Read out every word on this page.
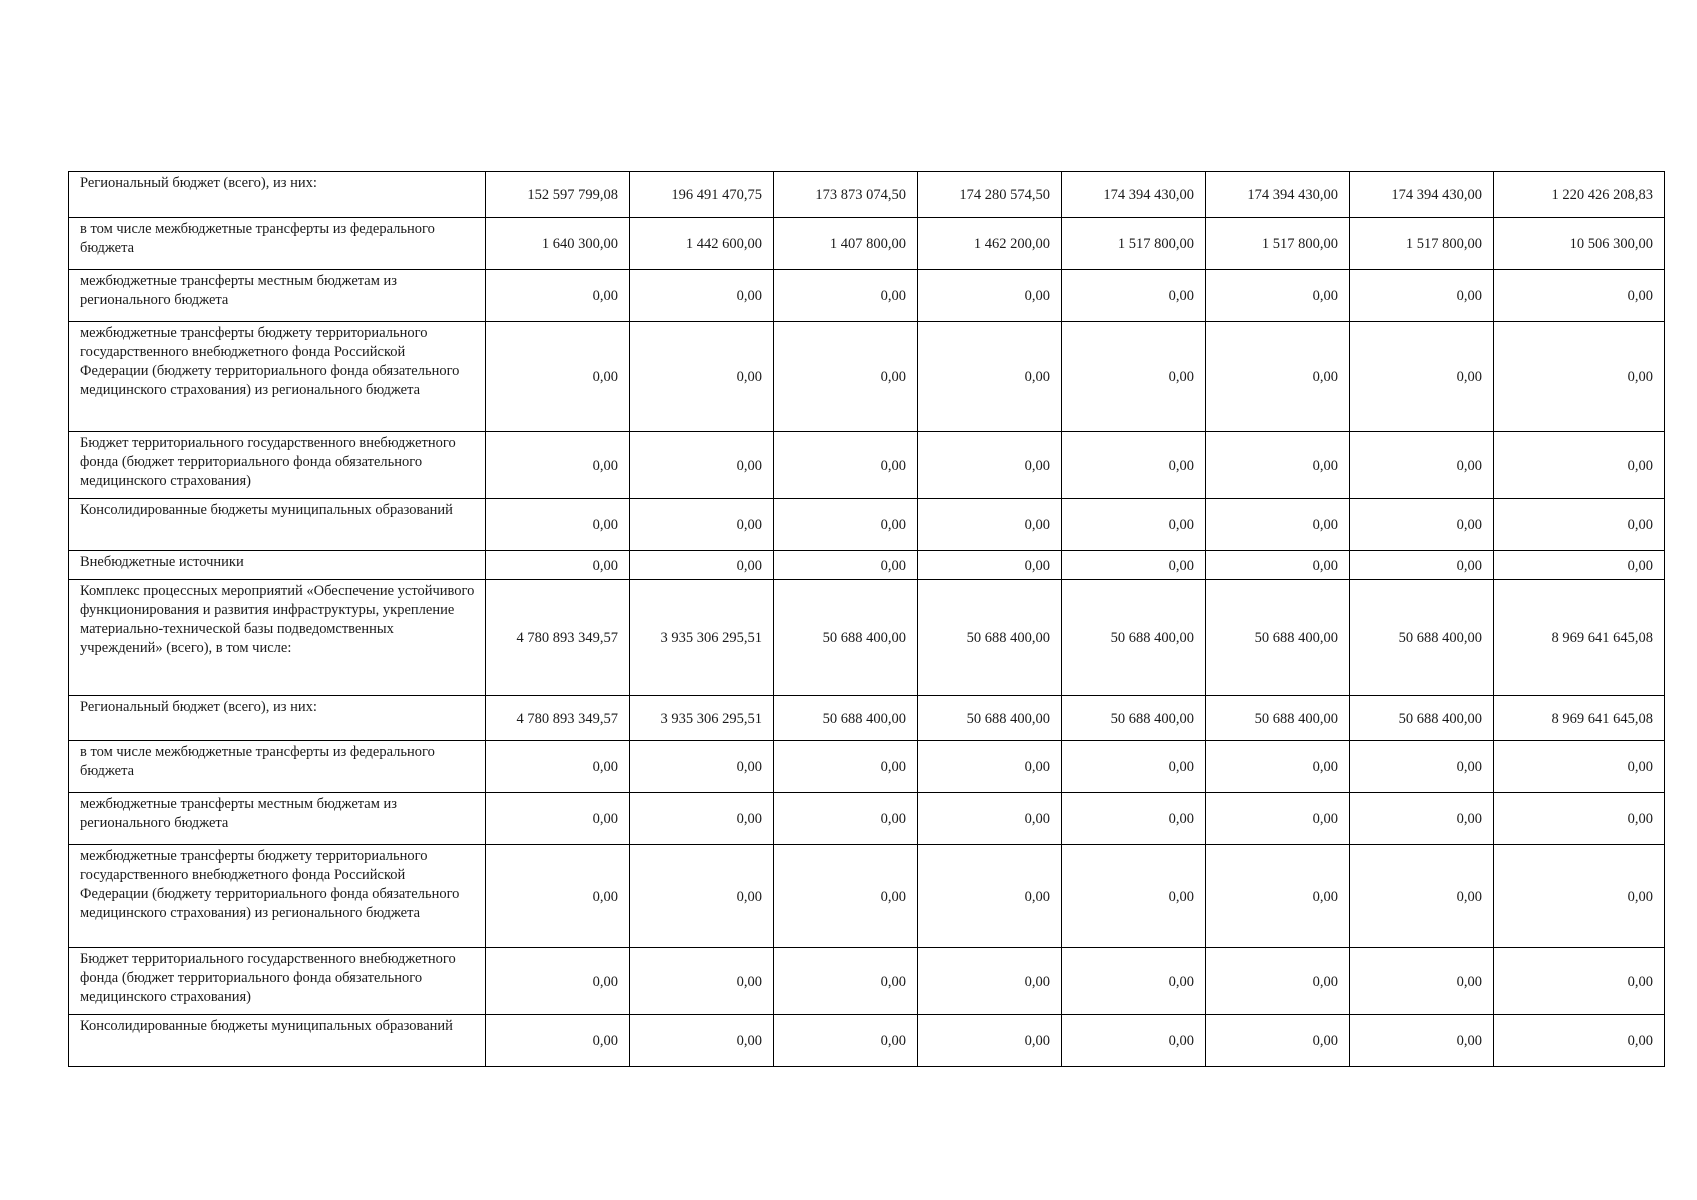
Региональный бюджет (всего), из них:	152 597 799,08	196 491 470,75	173 873 074,50	174 280 574,50	174 394 430,00	174 394 430,00	174 394 430,00	1 220 426 208,83
в том числе межбюджетные трансферты из федерального бюджета	1 640 300,00	1 442 600,00	1 407 800,00	1 462 200,00	1 517 800,00	1 517 800,00	1 517 800,00	10 506 300,00
межбюджетные трансферты местным бюджетам из регионального бюджета	0,00	0,00	0,00	0,00	0,00	0,00	0,00	0,00
межбюджетные трансферты бюджету территориального государственного внебюджетного фонда Российской Федерации (бюджету территориального фонда обязательного медицинского страхования) из регионального бюджета	0,00	0,00	0,00	0,00	0,00	0,00	0,00	0,00
Бюджет территориального государственного внебюджетного фонда (бюджет территориального фонда обязательного медицинского страхования)	0,00	0,00	0,00	0,00	0,00	0,00	0,00	0,00
Консолидированные бюджеты муниципальных образований	0,00	0,00	0,00	0,00	0,00	0,00	0,00	0,00
Внебюджетные источники	0,00	0,00	0,00	0,00	0,00	0,00	0,00	0,00
Комплекс процессных мероприятий «Обеспечение устойчивого функционирования и развития инфраструктуры, укрепление материально-технической базы подведомственных учреждений» (всего), в том числе:	4 780 893 349,57	3 935 306 295,51	50 688 400,00	50 688 400,00	50 688 400,00	50 688 400,00	50 688 400,00	8 969 641 645,08
Региональный бюджет (всего), из них:	4 780 893 349,57	3 935 306 295,51	50 688 400,00	50 688 400,00	50 688 400,00	50 688 400,00	50 688 400,00	8 969 641 645,08
в том числе межбюджетные трансферты из федерального бюджета	0,00	0,00	0,00	0,00	0,00	0,00	0,00	0,00
межбюджетные трансферты местным бюджетам из регионального бюджета	0,00	0,00	0,00	0,00	0,00	0,00	0,00	0,00
межбюджетные трансферты бюджету территориального государственного внебюджетного фонда Российской Федерации (бюджету территориального фонда обязательного медицинского страхования) из регионального бюджета	0,00	0,00	0,00	0,00	0,00	0,00	0,00	0,00
Бюджет территориального государственного внебюджетного фонда (бюджет территориального фонда обязательного медицинского страхования)	0,00	0,00	0,00	0,00	0,00	0,00	0,00	0,00
Консолидированные бюджеты муниципальных образований	0,00	0,00	0,00	0,00	0,00	0,00	0,00	0,00
